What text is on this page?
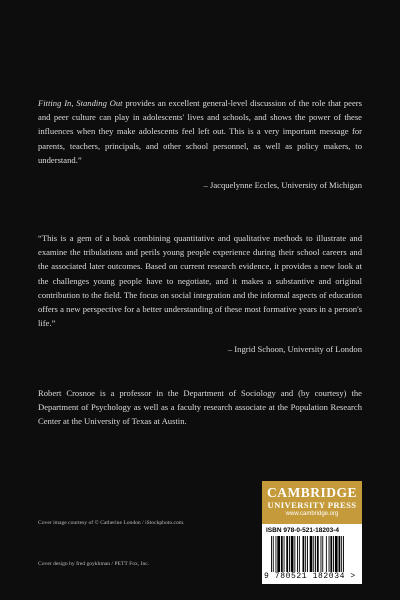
Fitting In, Standing Out provides an excellent general-level discussion of the role that peers and peer culture can play in adolescents' lives and schools, and shows the power of these influences when they make adolescents feel left out. This is a very important message for parents, teachers, principals, and other school personnel, as well as policy makers, to understand.”
– Jacquelynne Eccles, University of Michigan
“This is a gem of a book combining quantitative and qualitative methods to illustrate and examine the tribulations and perils young people experience during their school careers and the associated later outcomes. Based on current research evidence, it provides a new look at the challenges young people have to negotiate, and it makes a substantive and original contribution to the field. The focus on social integration and the informal aspects of education offers a new perspective for a better understanding of these most formative years in a person's life.”
– Ingrid Schoon, University of London
Robert Crosnoe is a professor in the Department of Sociology and (by courtesy) the Department of Psychology as well as a faculty research associate at the Population Research Center at the University of Texas at Austin.
Cover image courtesy of © Catherine London / iStockphoto.com.
Cover design by fred goykhman / PETT Fox, Inc.
CAMBRIDGE
UNIVERSITY PRESS
www.cambridge.org
ISBN 978-0-521-18203-4
9 780521 182034 >
